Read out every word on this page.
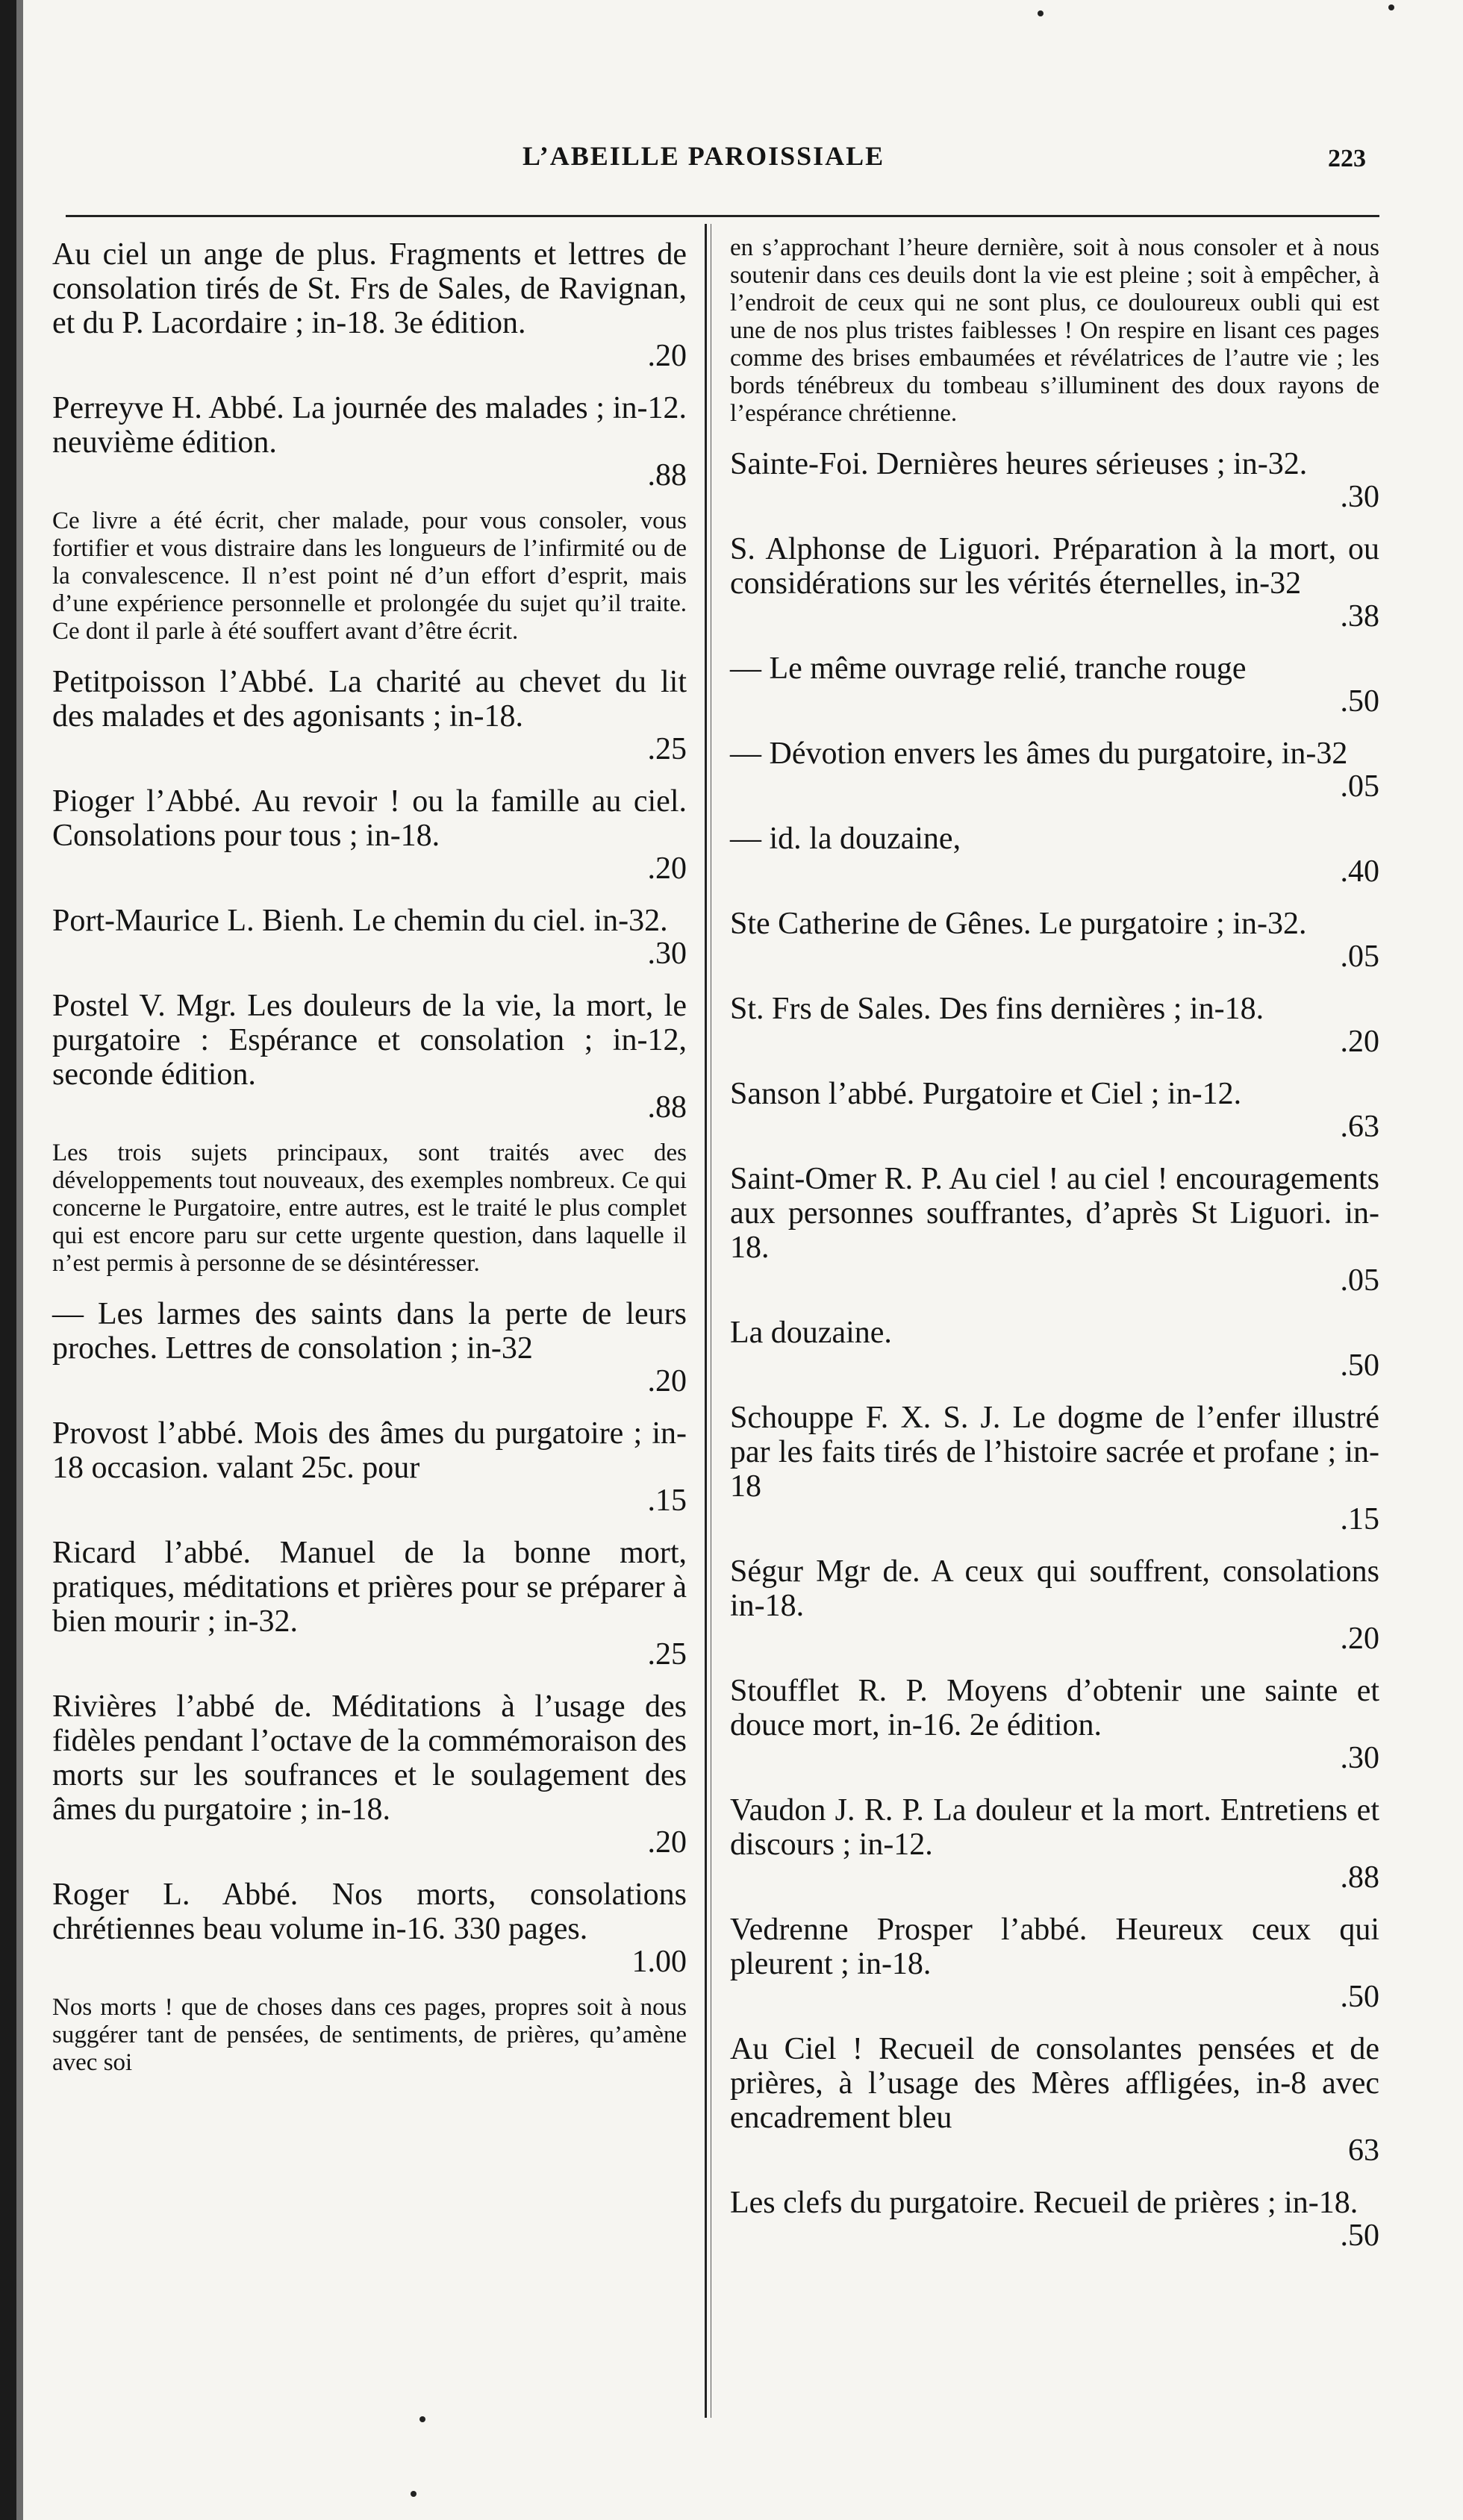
L’ABEILLE PAROISSIALE	223
Au ciel un ange de plus. Fragments et lettres de consolation tirés de St. Frs de Sales, de Ravignan, et du P. Lacordaire ; in-18. 3e édition.
.20
Perreyve H. Abbé. La journée des malades ; in-12. neuvième édition.
.88
Ce livre a été écrit, cher malade, pour vous consoler, vous fortifier et vous distraire dans les longueurs de l’infirmité ou de la convalescence. Il n’est point né d’un effort d’esprit, mais d’une expérience personnelle et prolongée du sujet qu’il traite. Ce dont il parle à été souffert avant d’être écrit.
Petitpoisson l’Abbé. La charité au chevet du lit des malades et des agonisants ; in-18.
.25
Pioger l’Abbé. Au revoir ! ou la famille au ciel. Consolations pour tous ; in-18.
.20
Port-Maurice L. Bienh. Le chemin du ciel. in-32.
.30
Postel V. Mgr. Les douleurs de la vie, la mort, le purgatoire : Espérance et consolation ; in-12, seconde édition.
.88
Les trois sujets principaux, sont traités avec des développements tout nouveaux, des exemples nombreux. Ce qui concerne le Purgatoire, entre autres, est le traité le plus complet qui est encore paru sur cette urgente question, dans laquelle il n’est permis à personne de se désintéresser.
— Les larmes des saints dans la perte de leurs proches. Lettres de consolation ; in-32
.20
Provost l’abbé. Mois des âmes du purgatoire ; in-18 occasion. valant 25c. pour
.15
Ricard l’abbé. Manuel de la bonne mort, pratiques, méditations et prières pour se préparer à bien mourir ; in-32.
.25
Rivières l’abbé de. Méditations à l’usage des fidèles pendant l’octave de la commémoraison des morts sur les soufrances et le soulagement des âmes du purgatoire ; in-18.
.20
Roger L. Abbé. Nos morts, consolations chrétiennes beau volume in-16. 330 pages.
1.00
Nos morts ! que de choses dans ces pages, propres soit à nous suggérer tant de pensées, de sentiments, de prières, qu’amène avec soi
en s’approchant l’heure dernière, soit à nous consoler et à nous soutenir dans ces deuils dont la vie est pleine ; soit à empêcher, à l’endroit de ceux qui ne sont plus, ce douloureux oubli qui est une de nos plus tristes faiblesses ! On respire en lisant ces pages comme des brises embaumées et révélatrices de l’autre vie ; les bords ténébreux du tombeau s’illuminent des doux rayons de l’espérance chrétienne.
Sainte-Foi. Dernières heures sérieuses ; in-32.
.30
S. Alphonse de Liguori. Préparation à la mort, ou considérations sur les vérités éternelles, in-32
.38
— Le même ouvrage relié, tranche rouge
.50
— Dévotion envers les âmes du purgatoire, in-32
.05
— id. la douzaine,
.40
Ste Catherine de Gênes. Le purgatoire ; in-32.
.05
St. Frs de Sales. Des fins dernières ; in-18.
.20
Sanson l’abbé. Purgatoire et Ciel ; in-12.
.63
Saint-Omer R. P. Au ciel ! au ciel ! encouragements aux personnes souffrantes, d’après St Liguori. in-18.
.05
La douzaine.
.50
Schouppe F. X. S. J. Le dogme de l’enfer illustré par les faits tirés de l’histoire sacrée et profane ; in-18
.15
Ségur Mgr de. A ceux qui souffrent, consolations in-18.
.20
Stoufflet R. P. Moyens d’obtenir une sainte et douce mort, in-16. 2e édition.
.30
Vaudon J. R. P. La douleur et la mort. Entretiens et discours ; in-12.
.88
Vedrenne Prosper l’abbé. Heureux ceux qui pleurent ; in-18.
.50
Au Ciel ! Recueil de consolantes pensées et de prières, à l’usage des Mères affligées, in-8 avec encadrement bleu
63
Les clefs du purgatoire. Recueil de prières ; in-18.
.50
